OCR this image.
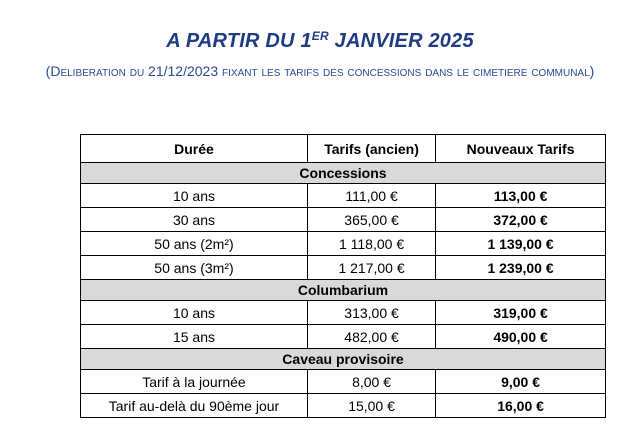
A PARTIR DU 1ER JANVIER 2025
(Deliberation du 21/12/2023 fixant les tarifs des concessions dans le cimetiere communal)
Durée	Tarifs (ancien)	Nouveaux Tarifs
Concessions		
10 ans	111,00 €	113,00 €
30 ans	365,00 €	372,00 €
50 ans (2m²)	1 118,00 €	1 139,00 €
50 ans (3m²)	1 217,00 €	1 239,00 €
Columbarium		
10 ans	313,00 €	319,00 €
15 ans	482,00 €	490,00 €
Caveau provisoire		
Tarif à la journée	8,00 €	9,00 €
Tarif au-delà du 90ème jour	15,00 €	16,00 €
